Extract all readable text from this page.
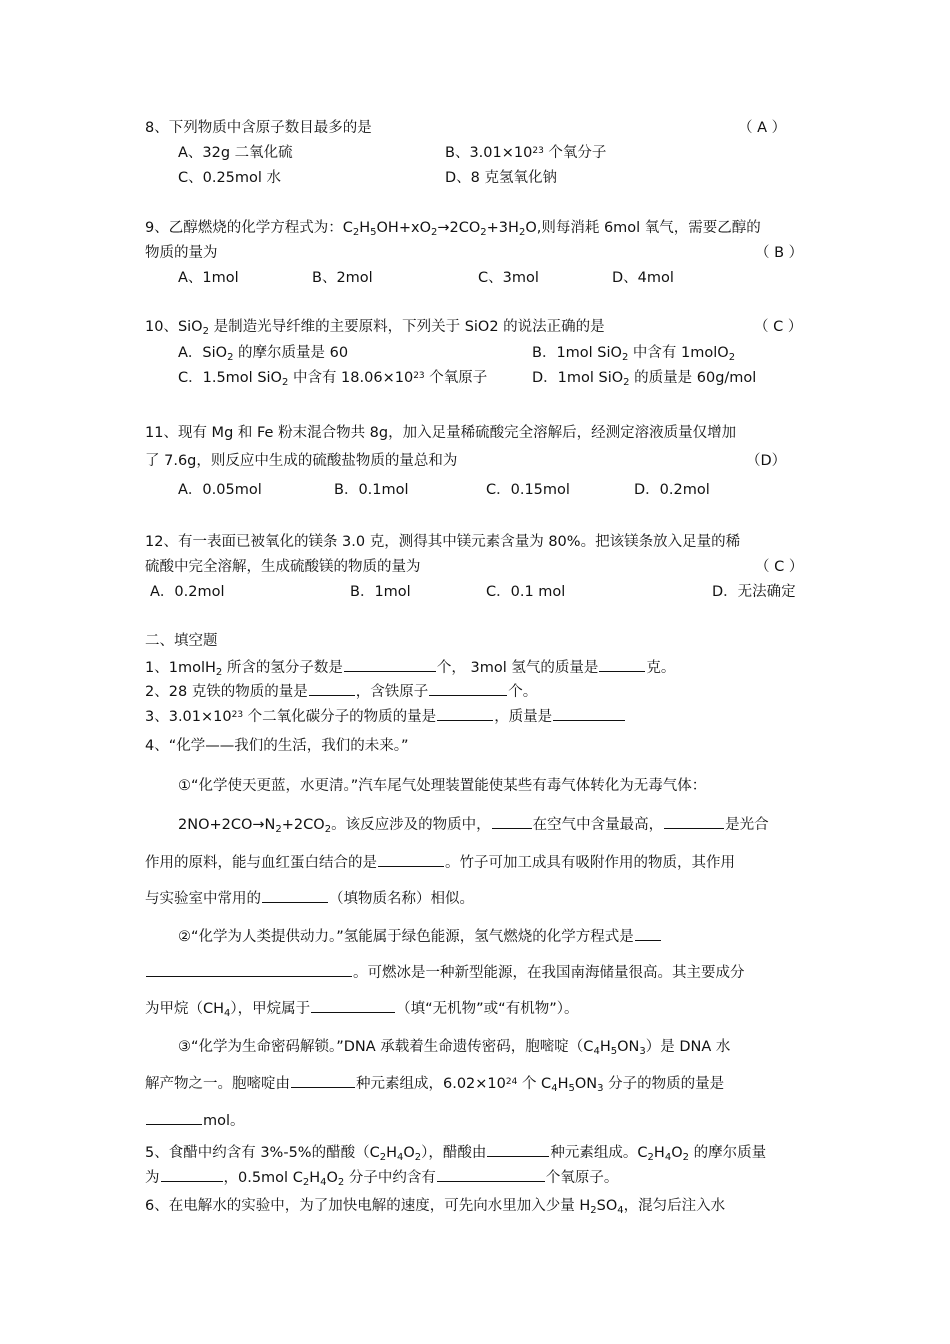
8、下列物质中含原子数目最多的是	（ A ）
A、32g 二氧化硫	B、$3.01\times 10^{23}$ 个氧分子
C、0.25mol 水	D、8 克氢氧化钠
9、乙醇燃烧的化学方程式为：$C_2H_5OH+xO_2\to 2CO_2+3H_2O$,则每消耗 6mol 氧气，需要乙醇的
物质的量为	（ B ）
A、1mol	B、2mol	C、3mol	D、4mol
10、SiO$_2$ 是制造光导纤维的主要原料，下列关于 SiO2 的说法正确的是	（ C ）
A．SiO$_2$ 的摩尔质量是 60	B．1mol SiO$_2$ 中含有 1molO$_2$
C．1.5mol SiO$_2$ 中含有 $18.06\times 10^{23}$ 个氧原子	D．1mol SiO$_2$ 的质量是 60g/mol
11、现有 Mg 和 Fe 粉末混合物共 8g，加入足量稀硫酸完全溶解后，经测定溶液质量仅增加
了 7.6g，则反应中生成的硫酸盐物质的量总和为	（D）
A．0.05mol	B．0.1mol	C．0.15mol	D．0.2mol
12、有一表面已被氧化的镁条 3.0 克，测得其中镁元素含量为 80%。把该镁条放入足量的稀
硫酸中完全溶解，生成硫酸镁的物质的量为	（ C ）
A．0.2mol	B．1mol	C．0.1 mol	D．无法确定
二、填空题
1、1molH$_2$ 所含的氢分子数是	个， 3mol 氢气的质量是	克。
2、28 克铁的物质的量是	，含铁原子	个。
3、$3.01\times 10^{23}$ 个二氧化碳分子的物质的量是	，质量是
4、“化学——我们的生活，我们的未来。”
①“化学使天更蓝，水更清。”汽车尾气处理装置能使某些有毒气体转化为无毒气体：
$2NO+2CO\to N_2+2CO_2$。该反应涉及的物质中，	在空气中含量最高，	是光合
作用的原料，能与血红蛋白结合的是	。竹子可加工成具有吸附作用的物质，其作用
与实验室中常用的	（填物质名称）相似。
②“化学为人类提供动力。”氢能属于绿色能源，氢气燃烧的化学方程式是
。可燃冰是一种新型能源，在我国南海储量很高。其主要成分
为甲烷$(CH_4)$，甲烷属于	（填“无机物”或“有机物”）。
③“化学为生命密码解锁。”DNA 承载着生命遗传密码，胞嘧啶$(C_4H_5ON_3)$是 DNA 水
解产物之一。胞嘧啶由	种元素组成，$6.02\times 10^{24}$ 个 $C_4H_5ON_3$ 分子的物质的量是
mol。
5、食醋中约含有 3%-5%的醋酸$(C_2H_4O_2)$，醋酸由	种元素组成。$C_2H_4O_2$ 的摩尔质量
为	，0.5mol $C_2H_4O_2$ 分子中约含有	个氧原子。
6、在电解水的实验中，为了加快电解的速度，可先向水里加入少量 $H_2SO_4$，混匀后注入水
